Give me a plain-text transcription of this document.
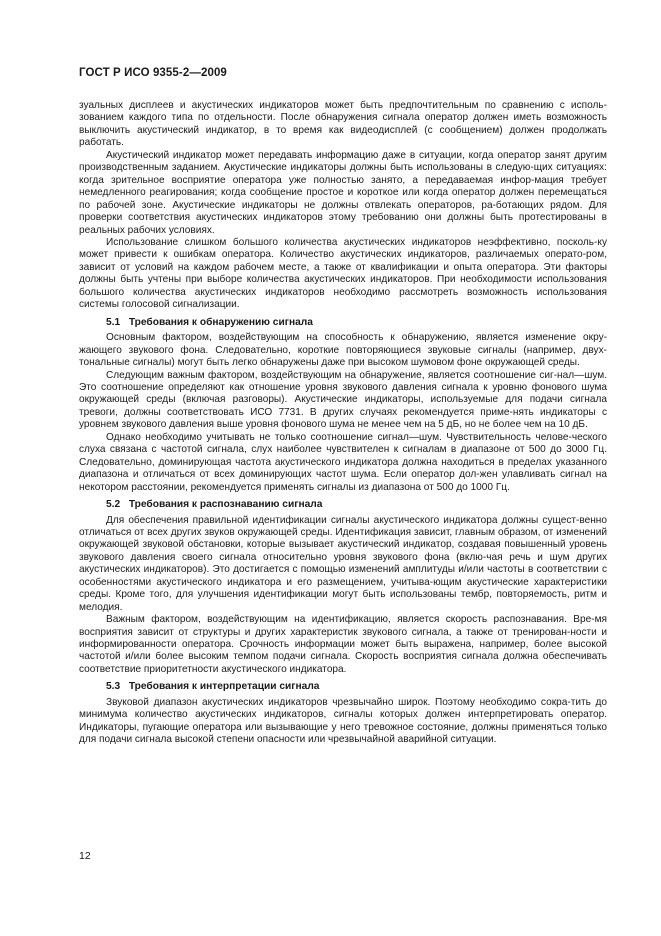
ГОСТ Р ИСО 9355-2—2009

зуальных дисплеев и акустических индикаторов может быть предпочтительным по сравнению с исполь-зованием каждого типа по отдельности. После обнаружения сигнала оператор должен иметь возможность выключить акустический индикатор, в то время как видеодисплей (с сообщением) должен продолжать работать.

Акустический индикатор может передавать информацию даже в ситуации, когда оператор занят другим производственным заданием. Акустические индикаторы должны быть использованы в следую-щих ситуациях: когда зрительное восприятие оператора уже полностью занято, а передаваемая инфор-мация требует немедленного реагирования; когда сообщение простое и короткое или когда оператор должен перемещаться по рабочей зоне. Акустические индикаторы не должны отвлекать операторов, ра-ботающих рядом. Для проверки соответствия акустических индикаторов этому требованию они должны быть протестированы в реальных рабочих условиях.

Использование слишком большого количества акустических индикаторов неэффективно, посколь-ку может привести к ошибкам оператора. Количество акустических индикаторов, различаемых операто-ром, зависит от условий на каждом рабочем месте, а также от квалификации и опыта оператора. Эти факторы должны быть учтены при выборе количества акустических индикаторов. При необходимости использования большого количества акустических индикаторов необходимо рассмотреть возможность использования системы голосовой сигнализации.

5.1 Требования к обнаружению сигнала

Основным фактором, воздействующим на способность к обнаружению, является изменение окру-жающего звукового фона. Следовательно, короткие повторяющиеся звуковые сигналы (например, двух-тональные сигналы) могут быть легко обнаружены даже при высоком шумовом фоне окружающей среды.

Следующим важным фактором, воздействующим на обнаружение, является соотношение сиг-нал—шум. Это соотношение определяют как отношение уровня звукового давления сигнала к уровню фонового шума окружающей среды (включая разговоры). Акустические индикаторы, используемые для подачи сигнала тревоги, должны соответствовать ИСО 7731. В других случаях рекомендуется приме-нять индикаторы с уровнем звукового давления выше уровня фонового шума не менее чем на 5 дБ, но не более чем на 10 дБ.

Однако необходимо учитывать не только соотношение сигнал—шум. Чувствительность челове-ческого слуха связана с частотой сигнала, слух наиболее чувствителен к сигналам в диапазоне от 500 до 3000 Гц. Следовательно, доминирующая частота акустического индикатора должна находиться в пределах указанного диапазона и отличаться от всех доминирующих частот шума. Если оператор дол-жен улавливать сигнал на некотором расстоянии, рекомендуется применять сигналы из диапазона от 500 до 1000 Гц.

5.2 Требования к распознаванию сигнала

Для обеспечения правильной идентификации сигналы акустического индикатора должны сущест-венно отличаться от всех других звуков окружающей среды. Идентификация зависит, главным образом, от изменений окружающей звуковой обстановки, которые вызывает акустический индикатор, создавая повышенный уровень звукового давления своего сигнала относительно уровня звукового фона (вклю-чая речь и шум других акустических индикаторов). Это достигается с помощью изменений амплитуды и/или частоты в соответствии с особенностями акустического индикатора и его размещением, учитыва-ющим акустические характеристики среды. Кроме того, для улучшения идентификации могут быть использованы тембр, повторяемость, ритм и мелодия.

Важным фактором, воздействующим на идентификацию, является скорость распознавания. Вре-мя восприятия зависит от структуры и других характеристик звукового сигнала, а также от тренирован-ности и информированности оператора. Срочность информации может быть выражена, например, более высокой частотой и/или более высоким темпом подачи сигнала. Скорость восприятия сигнала должна обеспечивать соответствие приоритетности акустического индикатора.

5.3 Требования к интерпретации сигнала

Звуковой диапазон акустических индикаторов чрезвычайно широк. Поэтому необходимо сокра-тить до минимума количество акустических индикаторов, сигналы которых должен интерпретировать оператор. Индикаторы, пугающие оператора или вызывающие у него тревожное состояние, должны применяться только для подачи сигнала высокой степени опасности или чрезвычайной аварийной ситуации.

12
